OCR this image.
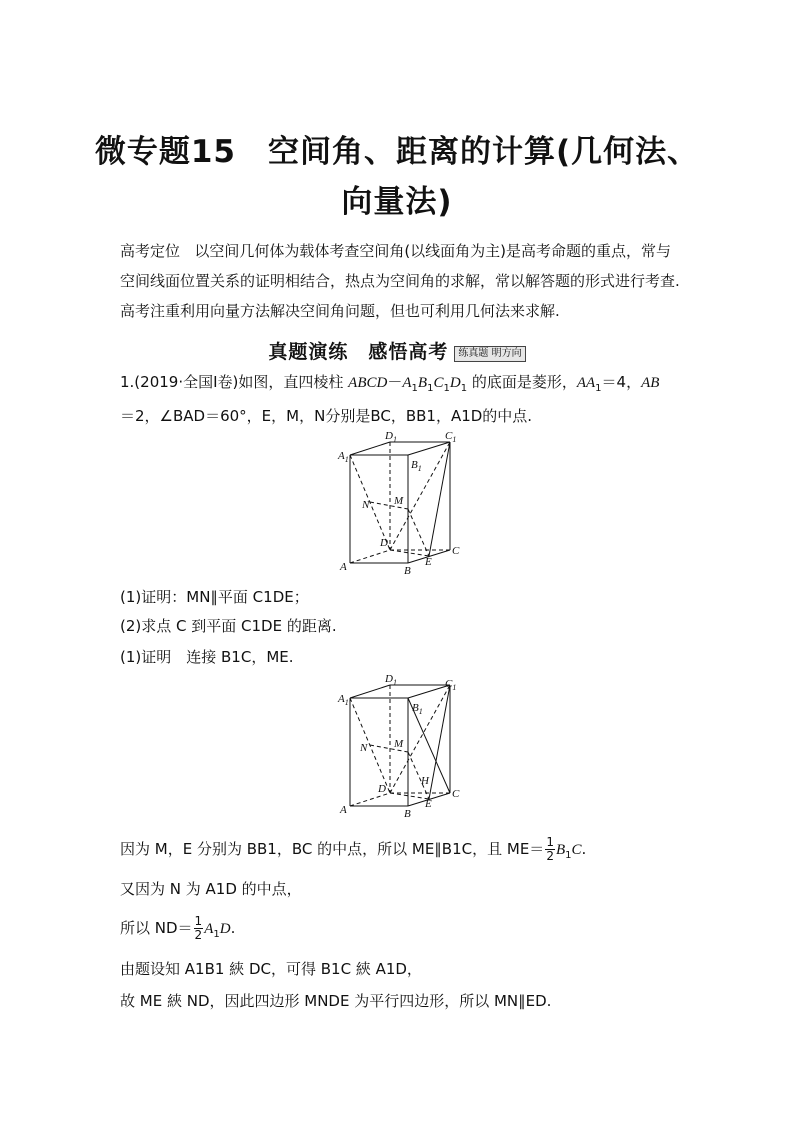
微专题15　空间角、距离的计算(几何法、
向量法)

高考定位 以空间几何体为载体考查空间角(以线面角为主)是高考命题的重点，常与空间线面位置关系的证明相结合，热点为空间角的求解，常以解答题的形式进行考查.高考注重利用向量方法解决空间角问题，但也可利用几何法来求解.

真题演练　感悟高考 练真题 明方向
1.(2019·全国Ⅰ卷)如图，直四棱柱 $ABCD-A_1B_1C_1D_1$ 的底面是菱形，$AA_1=4$，AB
＝2，∠BAD＝60°，E，M，N分别是BC，BB1，A1D的中点.
$A_1$
$D_1$	$C_1$
$B_1$
M
N
D
A	B
C
E
(1)证明：MN∥平面 C1DE；
(2)求点 C 到平面 C1DE 的距离.
(1)证明　连接 B1C，ME.
$A_1$
$D_1$	$C_1$
$B_1$
M
N
D
A	B
C
E
H
因为 M，E 分别为 BB1，BC 的中点，所以 ME∥B1C，且 $ME= \frac{1}{2} B_1C$.
又因为 N 为 A1D 的中点，
所以 $ND= \frac{1}{2} A_1D$.
由题设知 A1B1 綊 DC，可得 B1C 綊 A1D，
故 ME 綊 ND，因此四边形 MNDE 为平行四边形，所以 MN∥ED.
